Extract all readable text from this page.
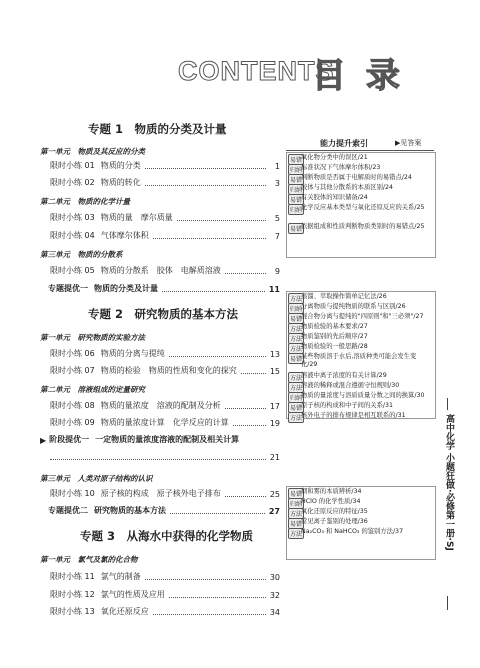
CONTENTS
目 录
专题 1　物质的分类及计量
第一单元　物质及其反应的分类
限时小练 01 物质的分类	1
限时小练 02 物质的转化	3
第二单元　物质的化学计量
限时小练 03 物质的量　摩尔质量	5
限时小练 04 气体摩尔体积	7
第三单元　物质的分散系
限时小练 05 物质的分散系　胶体　电解质溶液	9
专题提优一 物质的分类及计量	11
专题 2　研究物质的基本方法
第一单元　研究物质的实验方法
限时小练 06 物质的分离与提纯	13
限时小练 07 物质的检验　物质的性质和变化的探究	15
第二单元　溶液组成的定量研究
限时小练 08 物质的量浓度　溶液的配制及分析	17
限时小练 09 物质的量浓度计算　化学反应的计算	19
▶ 阶段提优一 一定物质的量浓度溶液的配制及相关计算
21
第三单元　人类对原子结构的认识
限时小练 10 原子核的构成　原子核外电子排布	25
专题提优二 研究物质的基本方法	27
专题 3　从海水中获得的化学物质
第一单元　氯气及氯的化合物
限时小练 11 氯气的制备	30
限时小练 12 氯气的性质及应用	32
限时小练 13 氧化还原反应	34
能力提升索引	▶见答案
易错
氧化物分类中的误区/21
归纳
标准状况下气体摩尔体积/23
易错
判断物质是否属于电解质时的易错点/24
归纳
胶体与其他分散系的本质区别/24
易错
有关胶体的知识储备/24
归纳
化学反应基本类型与氧化还原反应的关系/25
易错
依据组成和性质判断物质类别时的易错点/25
方法
蒸馏、萃取操作简单记忆法/26
归纳
分离物质与提纯物质的联系与区别/26
易错
混合物分离与提纯的"四原则"和"三必须"/27
方法
物质检验的基本要求/27
方法
物质鉴别的先后顺序/27
方法
物质检验的一般思路/28
易错
某些物质溶于水后,溶质种类可能会发生变化/29
方法
溶液中离子浓度的有关计算/29
方法
溶液的稀释或混合遵循守恒规则/30
归纳
物质的量浓度与溶质质量分数之间的换算/30
易错
原子核的构成和中子间的关系/31
方法
核外电子的排布规律是相互联系的/31
易错
烟和雾的本质辨析/34
归纳
HClO 的化学性质/34
方法
氧化还原反应的特征/35
易错
常见离子鉴别的处理/36
方法
Na₂CO₃ 和 NaHCO₃ 的鉴别方法/37	高中化学 小题狂做·必修第一册·SJ
